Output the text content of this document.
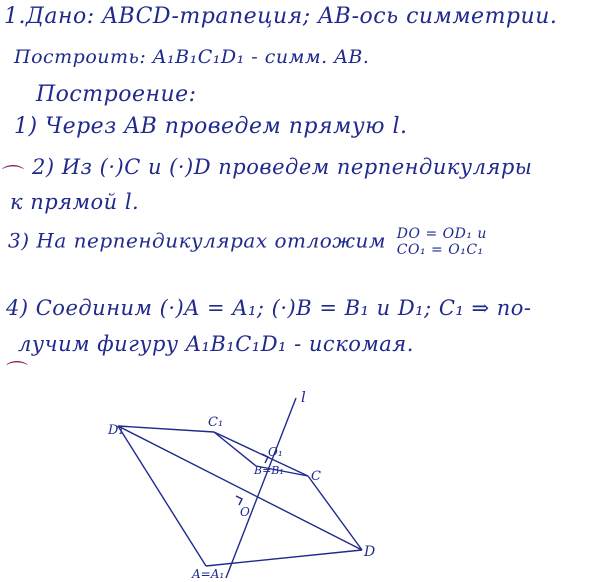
1.Дано: ABCD-трапеция; AB-ось симметрии.
Построить: A₁B₁C₁D₁ - симм. AB.
Построение:
1) Через AB проведем прямую l.
⌒ 2) Из (·)C и (·)D проведем перпендикуляры
к прямой l.
3) На перпендикулярах отложим DO = OD₁ и
CO₁ = O₁C₁
4) Соединим (·)A = A₁; (·)B = B₁ и D₁; C₁ ⇒ по-
лучим фигуру A₁B₁C₁D₁ - искомая.
⌒
l
D₁
C₁
O₁
B=B₁ C
O
D
A=A₁
